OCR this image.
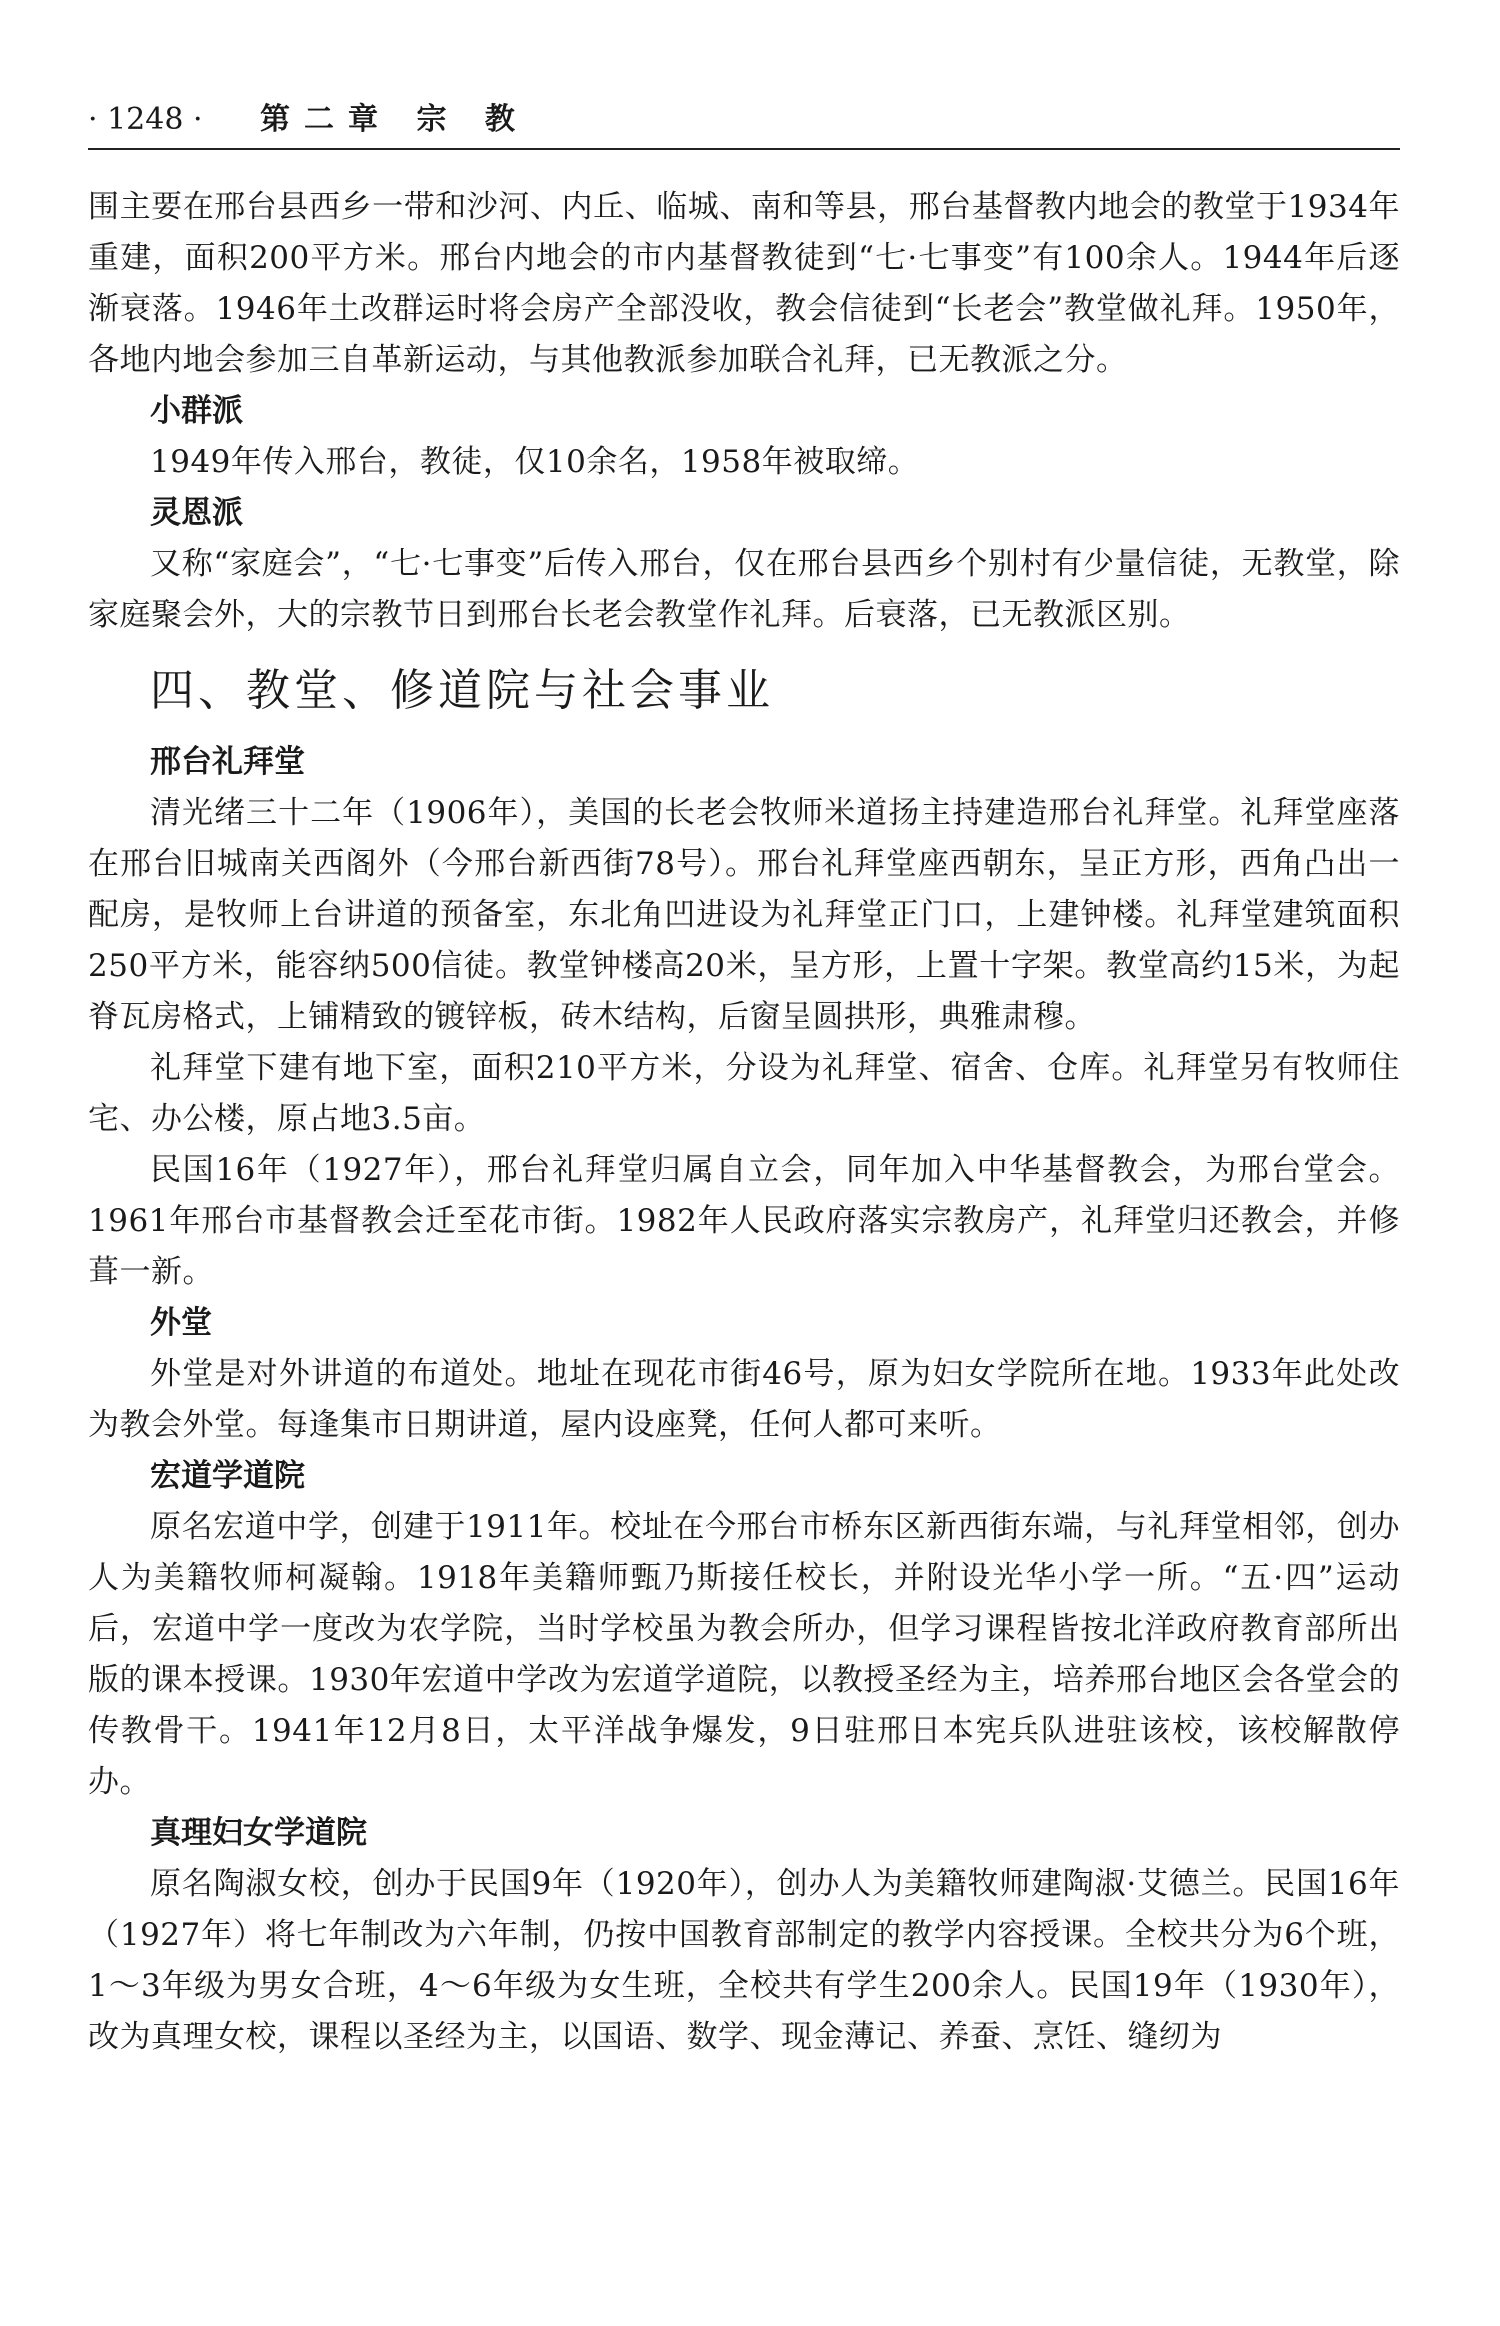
· 1248 · 第二章 宗 教

围主要在邢台县西乡一带和沙河、内丘、临城、南和等县，邢台基督教内地会的教堂于1934年重建，面积200平方米。邢台内地会的市内基督教徒到“七·七事变”有100余人。1944年后逐渐衰落。1946年土改群运时将会房产全部没收，教会信徒到“长老会”教堂做礼拜。1950年，各地内地会参加三自革新运动，与其他教派参加联合礼拜，已无教派之分。

小群派

1949年传入邢台，教徒，仅10余名，1958年被取缔。

灵恩派

又称“家庭会”，“七·七事变”后传入邢台，仅在邢台县西乡个别村有少量信徒，无教堂，除家庭聚会外，大的宗教节日到邢台长老会教堂作礼拜。后衰落，已无教派区别。

四、教堂、修道院与社会事业
邢台礼拜堂

清光绪三十二年（1906年），美国的长老会牧师米道扬主持建造邢台礼拜堂。礼拜堂座落在邢台旧城南关西阁外（今邢台新西街78号）。邢台礼拜堂座西朝东，呈正方形，西角凸出一配房，是牧师上台讲道的预备室，东北角凹进设为礼拜堂正门口，上建钟楼。礼拜堂建筑面积250平方米，能容纳500信徒。教堂钟楼高20米，呈方形，上置十字架。教堂高约15米，为起脊瓦房格式，上铺精致的镀锌板，砖木结构，后窗呈圆拱形，典雅肃穆。

礼拜堂下建有地下室，面积210平方米，分设为礼拜堂、宿舍、仓库。礼拜堂另有牧师住宅、办公楼，原占地3.5亩。

民国16年（1927年），邢台礼拜堂归属自立会，同年加入中华基督教会，为邢台堂会。1961年邢台市基督教会迁至花市街。1982年人民政府落实宗教房产，礼拜堂归还教会，并修葺一新。

外堂

外堂是对外讲道的布道处。地址在现花市街46号，原为妇女学院所在地。1933年此处改为教会外堂。每逢集市日期讲道，屋内设座凳，任何人都可来听。

宏道学道院

原名宏道中学，创建于1911年。校址在今邢台市桥东区新西街东端，与礼拜堂相邻，创办人为美籍牧师柯凝翰。1918年美籍师甄乃斯接任校长，并附设光华小学一所。“五·四”运动后，宏道中学一度改为农学院，当时学校虽为教会所办，但学习课程皆按北洋政府教育部所出版的课本授课。1930年宏道中学改为宏道学道院，以教授圣经为主，培养邢台地区会各堂会的传教骨干。1941年12月8日，太平洋战争爆发，9日驻邢日本宪兵队进驻该校，该校解散停办。

真理妇女学道院

原名陶淑女校，创办于民国9年（1920年），创办人为美籍牧师建陶淑·艾德兰。民国16年（1927年）将七年制改为六年制，仍按中国教育部制定的教学内容授课。全校共分为6个班，1～3年级为男女合班，4～6年级为女生班，全校共有学生200余人。民国19年（1930年），改为真理女校，课程以圣经为主，以国语、数学、现金薄记、养蚕、烹饪、缝纫为
